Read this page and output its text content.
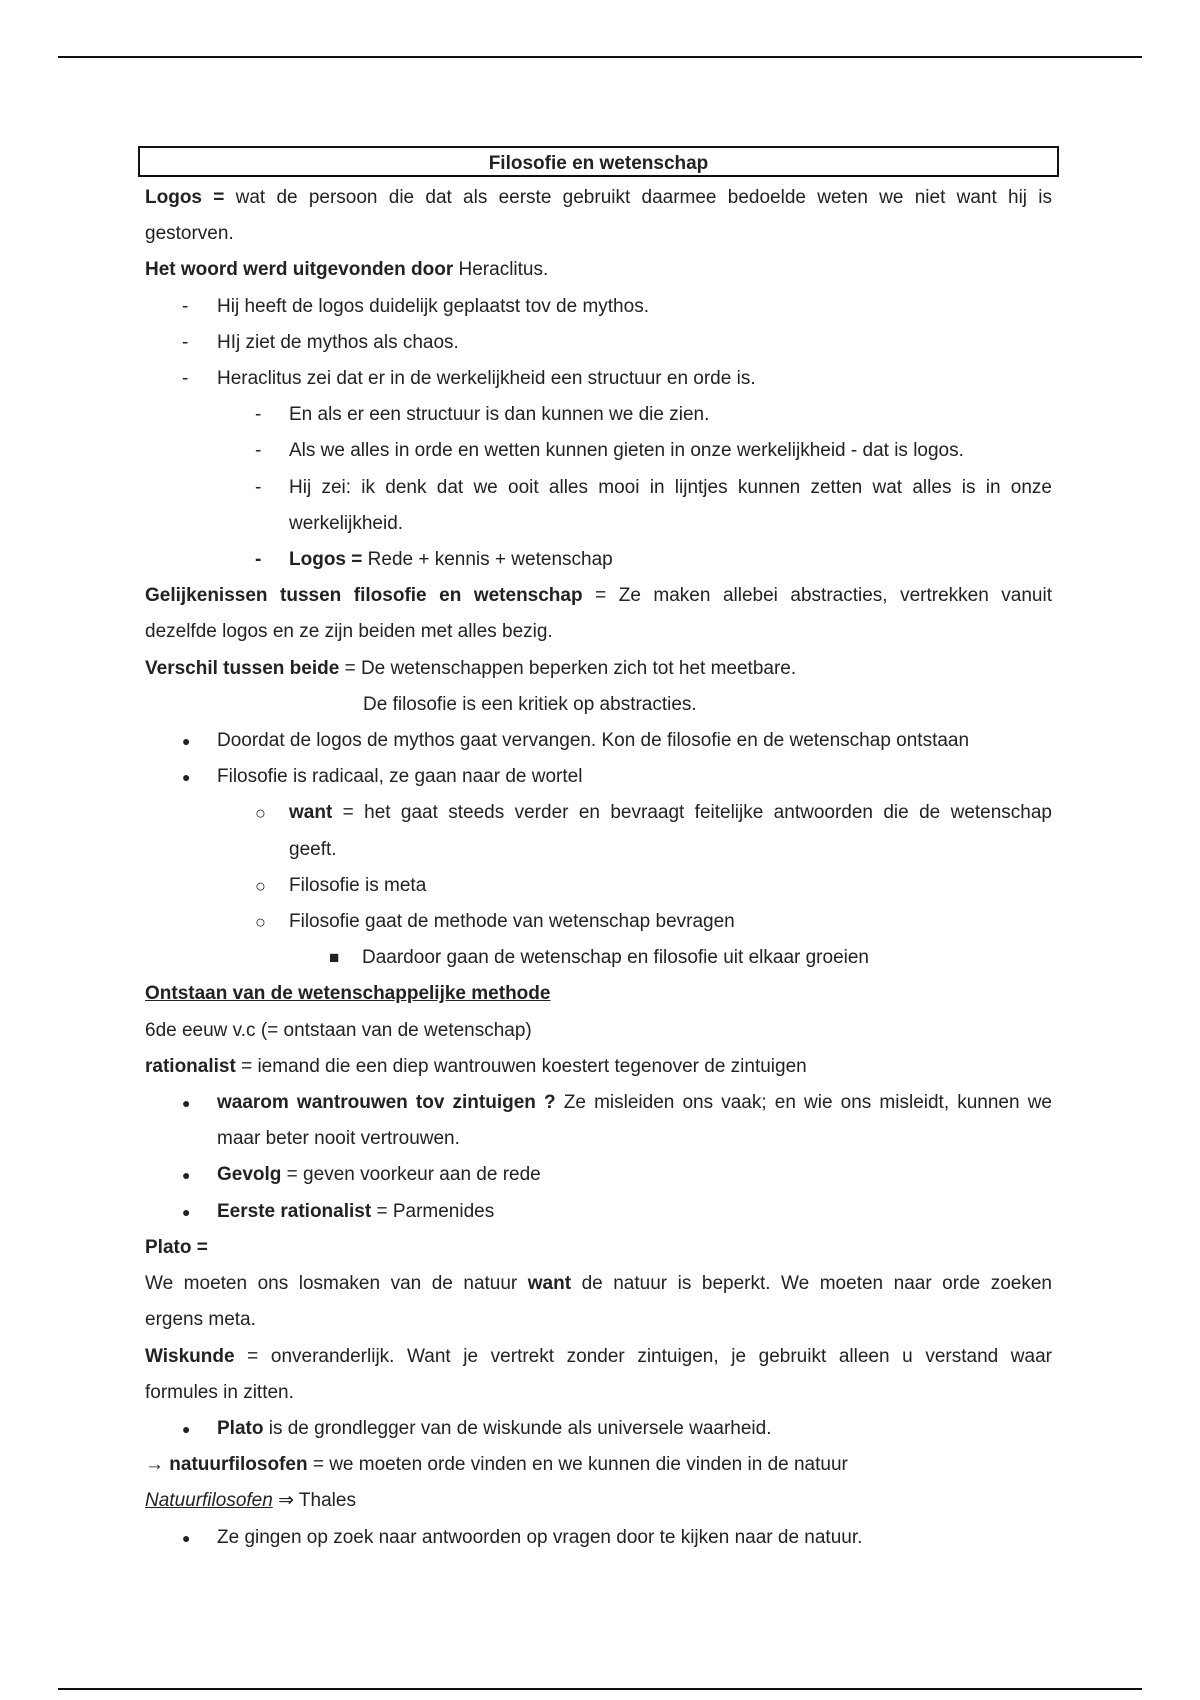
Filosofie en wetenschap
Logos = wat de persoon die dat als eerste gebruikt daarmee bedoelde weten we niet want hij is
gestorven.
Het woord werd uitgevonden door Heraclitus.
-
Hij heeft de logos duidelijk geplaatst tov de mythos.
-
HIj ziet de mythos als chaos.
-
Heraclitus zei dat er in de werkelijkheid een structuur en orde is.
-
En als er een structuur is dan kunnen we die zien.
-
Als we alles in orde en wetten kunnen gieten in onze werkelijkheid - dat is logos.
-
Hij zei: ik denk dat we ooit alles mooi in lijntjes kunnen zetten wat alles is in onze
werkelijkheid.
-
Logos = Rede + kennis + wetenschap
Gelijkenissen tussen filosofie en wetenschap = Ze maken allebei abstracties, vertrekken vanuit
dezelfde logos en ze zijn beiden met alles bezig.
Verschil tussen beide = De wetenschappen beperken zich tot het meetbare.
De filosofie is een kritiek op abstracties.
●
Doordat de logos de mythos gaat vervangen. Kon de filosofie en de wetenschap ontstaan
●
Filosofie is radicaal, ze gaan naar de wortel
○
want = het gaat steeds verder en bevraagt feitelijke antwoorden die de wetenschap
geeft.
○
Filosofie is meta
○
Filosofie gaat de methode van wetenschap bevragen
■
Daardoor gaan de wetenschap en filosofie uit elkaar groeien
Ontstaan van de wetenschappelijke methode
6de eeuw v.c (= ontstaan van de wetenschap)
rationalist = iemand die een diep wantrouwen koestert tegenover de zintuigen
●
waarom wantrouwen tov zintuigen ? Ze misleiden ons vaak; en wie ons misleidt, kunnen we
maar beter nooit vertrouwen.
●
Gevolg = geven voorkeur aan de rede
●
Eerste rationalist = Parmenides
Plato =
We moeten ons losmaken van de natuur want de natuur is beperkt. We moeten naar orde zoeken
ergens meta.
Wiskunde = onveranderlijk. Want je vertrekt zonder zintuigen, je gebruikt alleen u verstand waar
formules in zitten.
●
Plato is de grondlegger van de wiskunde als universele waarheid.
→ natuurfilosofen = we moeten orde vinden en we kunnen die vinden in de natuur
Natuurfilosofen ⇒ Thales
●
Ze gingen op zoek naar antwoorden op vragen door te kijken naar de natuur.
